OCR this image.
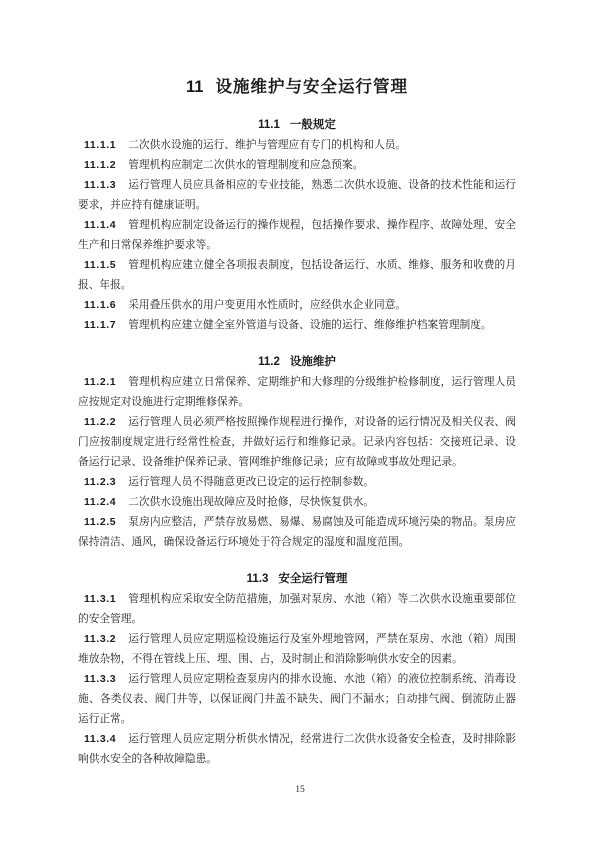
11 设施维护与安全运行管理
11.1 一般规定

11.1.1 二次供水设施的运行、维护与管理应有专门的机构和人员。

11.1.2 管理机构应制定二次供水的管理制度和应急预案。

11.1.3 运行管理人员应具备相应的专业技能，熟悉二次供水设施、设备的技术性能和运行要求，并应持有健康证明。

11.1.4 管理机构应制定设备运行的操作规程，包括操作要求、操作程序、故障处理、安全生产和日常保养维护要求等。

11.1.5 管理机构应建立健全各项报表制度，包括设备运行、水质、维修、服务和收费的月报、年报。

11.1.6 采用叠压供水的用户变更用水性质时，应经供水企业同意。

11.1.7 管理机构应建立健全室外管道与设备、设施的运行、维修维护档案管理制度。

11.2 设施维护

11.2.1 管理机构应建立日常保养、定期维护和大修理的分级维护检修制度，运行管理人员应按规定对设施进行定期维修保养。

11.2.2 运行管理人员必须严格按照操作规程进行操作，对设备的运行情况及相关仪表、阀门应按制度规定进行经常性检查，并做好运行和维修记录。记录内容包括：交接班记录、设备运行记录、设备维护保养记录、管网维护维修记录；应有故障或事故处理记录。

11.2.3 运行管理人员不得随意更改已设定的运行控制参数。

11.2.4 二次供水设施出现故障应及时抢修，尽快恢复供水。

11.2.5 泵房内应整洁，严禁存放易燃、易爆、易腐蚀及可能造成环境污染的物品。泵房应保持清洁、通风，确保设备运行环境处于符合规定的湿度和温度范围。

11.3 安全运行管理

11.3.1 管理机构应采取安全防范措施，加强对泵房、水池（箱）等二次供水设施重要部位的安全管理。

11.3.2 运行管理人员应定期巡检设施运行及室外埋地管网，严禁在泵房、水池（箱）周围堆放杂物，不得在管线上压、埋、围、占，及时制止和消除影响供水安全的因素。

11.3.3 运行管理人员应定期检查泵房内的排水设施、水池（箱）的液位控制系统、消毒设施、各类仪表、阀门井等，以保证阀门井盖不缺失、阀门不漏水；自动排气阀、倒流防止器运行正常。

11.3.4 运行管理人员应定期分析供水情况，经常进行二次供水设备安全检查，及时排除影响供水安全的各种故障隐患。

15
